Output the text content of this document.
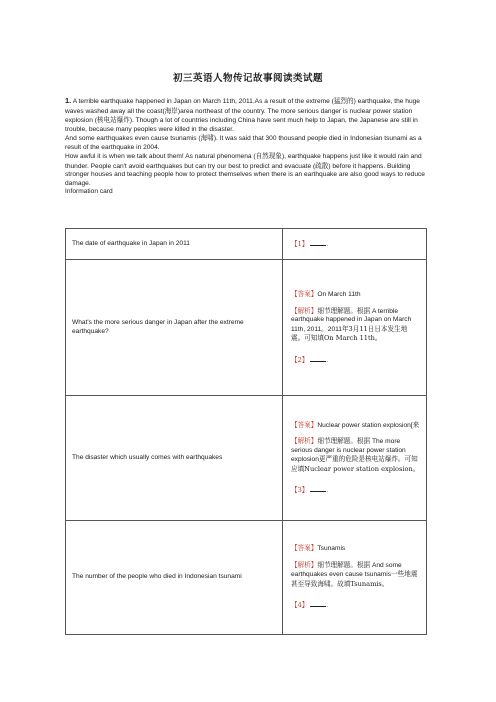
初三英语人物传记故事阅读类试题

1. A terrible earthquake happened in Japan on March 11th, 2011.As a result of the extreme (猛烈的) earthquake, the huge waves washed away all the coast(海岸)area northeast of the country. The more serious danger is nuclear power station explosion (核电站爆炸). Though a lot of countries including China have sent much help to Japan, the Japanese are still in trouble, because many peoples were killed in the disaster.

And some earthquakes even cause tsunamis (海啸). It was said that 300 thousand people died in Indonesian tsunami as a result of the earthquake in 2004.

How awful it is when we talk about them! As natural phenomena (自然现象), earthquake happens just like it would rain and thunder. People can't avoid earthquakes but can try our best to predict and evacuate (疏散) before it happens. Building stronger houses and teaching people how to protect themselves when there is an earthquake are also good ways to reduce damage.

Information card

The date of earthquake in Japan in 2011	【1】 .
What's the more serious danger in Japan after the extreme earthquake?	【答案】On March 11th

【解析】细节理解题。根据 A terrible earthquake happened in Japan on March 11th, 2011。2011年3月11日日本发生地震。可知填On March 11th。

【2】 .

The disaster which usually comes with earthquakes	【答案】Nuclear power station explosion[来

【解析】细节理解题。根据 The more serious danger is nuclear power station explosion更严重的危险是核电站爆炸。可知应填Nuclear power station explosion。

【3】 .

The number of the people who died in Indonesian tsunami	【答案】Tsunamis

【解析】细节理解题。根据 And some earthquakes even cause tsunamis一些地震甚至导致海啸。故填Tsunamis。

【4】 .
